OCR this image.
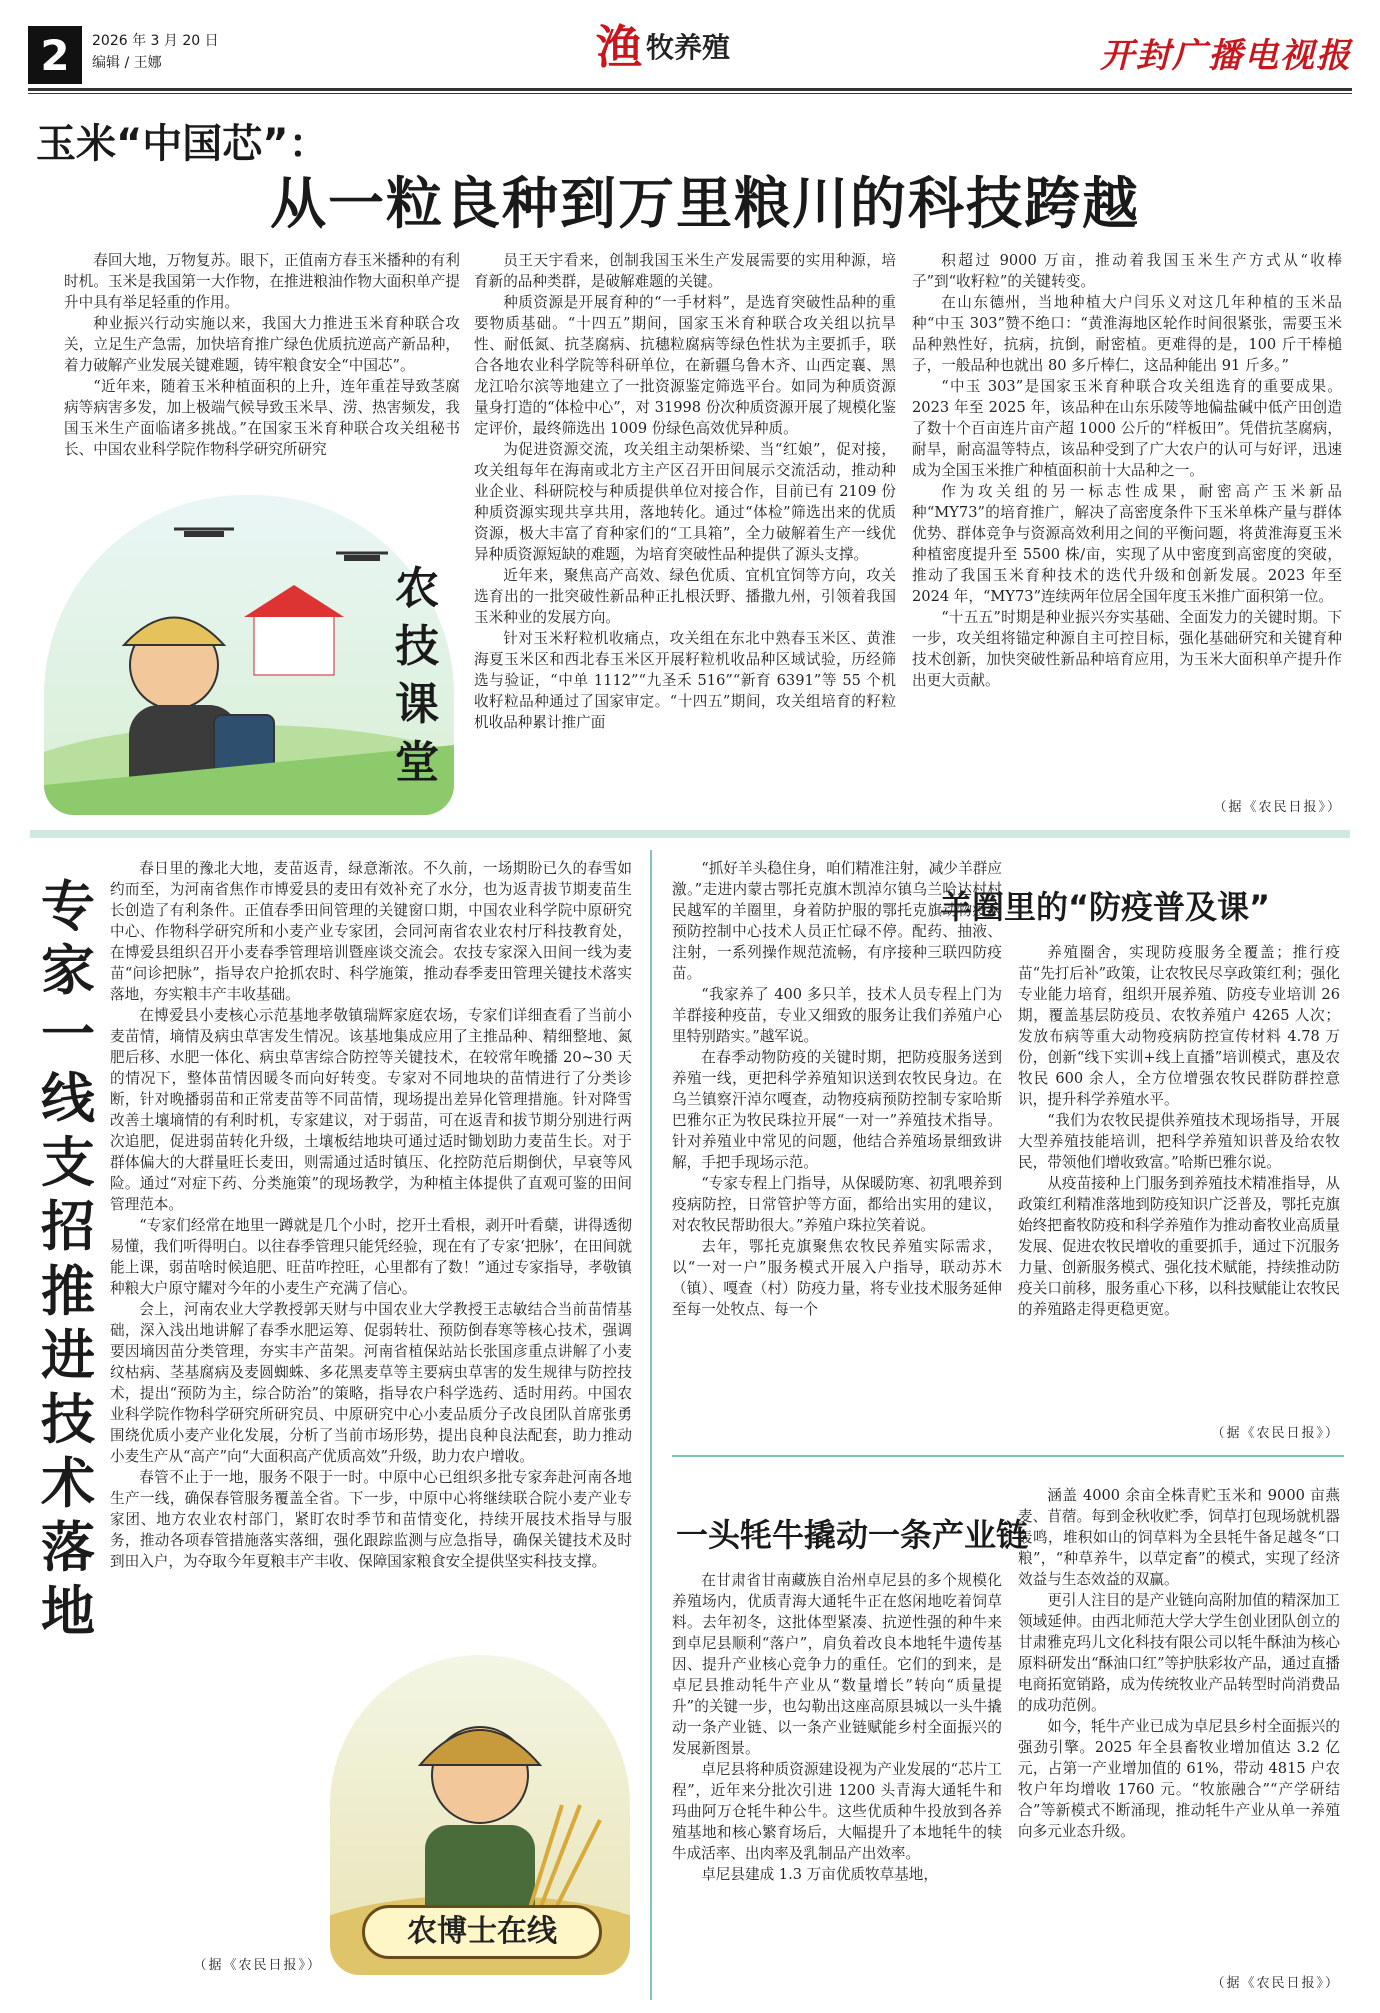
2	2026 年 3 月 20 日
编辑 / 王娜	渔 牧养殖	开封广播电视报
玉米“中国芯”：
从一粒良种到万里粮川的科技跨越

春回大地，万物复苏。眼下，正值南方春玉米播种的有利时机。玉米是我国第一大作物，在推进粮油作物大面积单产提升中具有举足轻重的作用。

种业振兴行动实施以来，我国大力推进玉米育种联合攻关，立足生产急需，加快培育推广绿色优质抗逆高产新品种，着力破解产业发展关键难题，铸牢粮食安全“中国芯”。

“近年来，随着玉米种植面积的上升，连年重茬导致茎腐病等病害多发，加上极端气候导致玉米旱、涝、热害频发，我国玉米生产面临诸多挑战。”在国家玉米育种联合攻关组秘书长、中国农业科学院作物科学研究所研究

员王天宇看来，创制我国玉米生产发展需要的实用种源，培育新的品种类群，是破解难题的关键。

种质资源是开展育种的“一手材料”，是选育突破性品种的重要物质基础。“十四五”期间，国家玉米育种联合攻关组以抗旱性、耐低氮、抗茎腐病、抗穗粒腐病等绿色性状为主要抓手，联合各地农业科学院等科研单位，在新疆乌鲁木齐、山西定襄、黑龙江哈尔滨等地建立了一批资源鉴定筛选平台。如同为种质资源量身打造的“体检中心”，对 31998 份次种质资源开展了规模化鉴定评价，最终筛选出 1009 份绿色高效优异种质。

为促进资源交流，攻关组主动架桥梁、当“红娘”，促对接，攻关组每年在海南或北方主产区召开田间展示交流活动，推动种业企业、科研院校与种质提供单位对接合作，目前已有 2109 份种质资源实现共享共用，落地转化。通过“体检”筛选出来的优质资源，极大丰富了育种家们的“工具箱”，全力破解着生产一线优异种质资源短缺的难题，为培育突破性品种提供了源头支撑。

近年来，聚焦高产高效、绿色优质、宜机宜饲等方向，攻关选育出的一批突破性新品种正扎根沃野、播撒九州，引领着我国玉米种业的发展方向。

针对玉米籽粒机收痛点，攻关组在东北中熟春玉米区、黄淮海夏玉米区和西北春玉米区开展籽粒机收品种区域试验，历经筛选与验证，“中单 1112”“九圣禾 516”“新育 6391”等 55 个机收籽粒品种通过了国家审定。“十四五”期间，攻关组培育的籽粒机收品种累计推广面

积超过 9000 万亩，推动着我国玉米生产方式从“收棒子”到“收籽粒”的关键转变。

在山东德州，当地种植大户闫乐义对这几年种植的玉米品种“中玉 303”赞不绝口：“黄淮海地区轮作时间很紧张，需要玉米品种熟性好，抗病，抗倒，耐密植。更难得的是，100 斤干棒槌子，一般品种也就出 80 多斤棒仁，这品种能出 91 斤多。”

“中玉 303”是国家玉米育种联合攻关组选育的重要成果。2023 年至 2025 年，该品种在山东乐陵等地偏盐碱中低产田创造了数十个百亩连片亩产超 1000 公斤的“样板田”。凭借抗茎腐病，耐旱，耐高温等特点，该品种受到了广大农户的认可与好评，迅速成为全国玉米推广种植面积前十大品种之一。

作为攻关组的另一标志性成果，耐密高产玉米新品种“MY73”的培育推广，解决了高密度条件下玉米单株产量与群体优势、群体竞争与资源高效利用之间的平衡问题，将黄淮海夏玉米种植密度提升至 5500 株/亩，实现了从中密度到高密度的突破，推动了我国玉米育种技术的迭代升级和创新发展。2023 年至 2024 年，“MY73”连续两年位居全国年度玉米推广面积第一位。

“十五五”时期是种业振兴夯实基础、全面发力的关键时期。下一步，攻关组将锚定种源自主可控目标，强化基础研究和关键育种技术创新，加快突破性新品种培育应用，为玉米大面积单产提升作出更大贡献。

（据《农民日报》）
农
技
课
堂
专
家
一
线
支
招
推
进
技
术
落
地

春日里的豫北大地，麦苗返青，绿意渐浓。不久前，一场期盼已久的春雪如约而至，为河南省焦作市博爱县的麦田有效补充了水分，也为返青拔节期麦苗生长创造了有利条件。正值春季田间管理的关键窗口期，中国农业科学院中原研究中心、作物科学研究所和小麦产业专家团，会同河南省农业农村厅科技教育处，在博爱县组织召开小麦春季管理培训暨座谈交流会。农技专家深入田间一线为麦苗“问诊把脉”，指导农户抢抓农时、科学施策，推动春季麦田管理关键技术落实落地，夯实粮丰产丰收基础。

在博爱县小麦核心示范基地孝敬镇瑞辉家庭农场，专家们详细查看了当前小麦苗情，墒情及病虫草害发生情况。该基地集成应用了主推品种、精细整地、氮肥后移、水肥一体化、病虫草害综合防控等关键技术，在较常年晚播 20~30 天的情况下，整体苗情因暖冬而向好转变。专家对不同地块的苗情进行了分类诊断，针对晚播弱苗和正常麦苗等不同苗情，现场提出差异化管理措施。针对降雪改善土壤墒情的有利时机，专家建议，对于弱苗，可在返青和拔节期分别进行两次追肥，促进弱苗转化升级，土壤板结地块可通过适时锄划助力麦苗生长。对于群体偏大的大群量旺长麦田，则需通过适时镇压、化控防范后期倒伏，早衰等风险。通过“对症下药、分类施策”的现场教学，为种植主体提供了直观可鉴的田间管理范本。

“专家们经常在地里一蹲就是几个小时，挖开土看根，剥开叶看蘖，讲得透彻易懂，我们听得明白。以往春季管理只能凭经验，现在有了专家‘把脉’，在田间就能上课，弱苗啥时候追肥、旺苗咋控旺，心里都有了数！”通过专家指导，孝敬镇种粮大户原守耀对今年的小麦生产充满了信心。

会上，河南农业大学教授郭天财与中国农业大学教授王志敏结合当前苗情基础，深入浅出地讲解了春季水肥运筹、促弱转壮、预防倒春寒等核心技术，强调要因墒因苗分类管理，夯实丰产苗架。河南省植保站站长张国彦重点讲解了小麦纹枯病、茎基腐病及麦圆蜘蛛、多花黑麦草等主要病虫草害的发生规律与防控技术，提出“预防为主，综合防治”的策略，指导农户科学选药、适时用药。中国农业科学院作物科学研究所研究员、中原研究中心小麦品质分子改良团队首席张勇围绕优质小麦产业化发展，分析了当前市场形势，提出良种良法配套，助力推动小麦生产从“高产”向“大面积高产优质高效”升级，助力农户增收。

春管不止于一地，服务不限于一时。中原中心已组织多批专家奔赴河南各地生产一线，确保春管服务覆盖全省。下一步，中原中心将继续联合院小麦产业专家团、地方农业农村部门，紧盯农时季节和苗情变化，持续开展技术指导与服务，推动各项春管措施落实落细，强化跟踪监测与应急指导，确保关键技术及时到田入户，为夺取今年夏粮丰产丰收、保障国家粮食安全提供坚实科技支撑。

农博士在线
（据《农民日报》）
羊圈里的“防疫普及课”

“抓好羊头稳住身，咱们精准注射，减少羊群应激。”走进内蒙古鄂托克旗木凯淖尔镇乌兰哈达村村民越军的羊圈里，身着防护服的鄂托克旗动物疫病预防控制中心技术人员正忙碌不停。配药、抽液、注射，一系列操作规范流畅，有序接种三联四防疫苗。

“我家养了 400 多只羊，技术人员专程上门为羊群接种疫苗，专业又细致的服务让我们养殖户心里特别踏实。”越军说。

在春季动物防疫的关键时期，把防疫服务送到养殖一线，更把科学养殖知识送到农牧民身边。在乌兰镇察汗淖尔嘎查，动物疫病预防控制专家哈斯巴雅尔正为牧民珠拉开展“一对一”养殖技术指导。针对养殖业中常见的问题，他结合养殖场景细致讲解，手把手现场示范。

“专家专程上门指导，从保暖防寒、初乳喂养到疫病防控，日常管护等方面，都给出实用的建议，对农牧民帮助很大。”养殖户珠拉笑着说。

去年，鄂托克旗聚焦农牧民养殖实际需求，以“一对一户”服务模式开展入户指导，联动苏木（镇）、嘎查（村）防疫力量，将专业技术服务延伸至每一处牧点、每一个

养殖圈舍，实现防疫服务全覆盖；推行疫苗“先打后补”政策，让农牧民尽享政策红利；强化专业能力培育，组织开展养殖、防疫专业培训 26 期，覆盖基层防疫员、农牧养殖户 4265 人次；发放布病等重大动物疫病防控宣传材料 4.78 万份，创新“线下实训+线上直播”培训模式，惠及农牧民 600 余人，全方位增强农牧民群防群控意识，提升科学养殖水平。

“我们为农牧民提供养殖技术现场指导，开展大型养殖技能培训，把科学养殖知识普及给农牧民，带领他们增收致富。”哈斯巴雅尔说。

从疫苗接种上门服务到养殖技术精准指导，从政策红利精准落地到防疫知识广泛普及，鄂托克旗始终把畜牧防疫和科学养殖作为推动畜牧业高质量发展、促进农牧民增收的重要抓手，通过下沉服务力量、创新服务模式、强化技术赋能，持续推动防疫关口前移，服务重心下移，以科技赋能让农牧民的养殖路走得更稳更宽。

（据《农民日报》）
一头牦牛撬动一条产业链

在甘肃省甘南藏族自治州卓尼县的多个规模化养殖场内，优质青海大通牦牛正在悠闲地吃着饲草料。去年初冬，这批体型紧凑、抗逆性强的种牛来到卓尼县顺利“落户”，肩负着改良本地牦牛遗传基因、提升产业核心竞争力的重任。它们的到来，是卓尼县推动牦牛产业从“数量增长”转向“质量提升”的关键一步，也勾勒出这座高原县城以一头牛撬动一条产业链、以一条产业链赋能乡村全面振兴的发展新图景。

卓尼县将种质资源建设视为产业发展的“芯片工程”，近年来分批次引进 1200 头青海大通牦牛和玛曲阿万仓牦牛种公牛。这些优质种牛投放到各养殖基地和核心繁育场后，大幅提升了本地牦牛的犊牛成活率、出肉率及乳制品产出效率。

卓尼县建成 1.3 万亩优质牧草基地，

涵盖 4000 余亩全株青贮玉米和 9000 亩燕麦、苜蓿。每到金秋收贮季，饲草打包现场就机器轰鸣，堆积如山的饲草料为全县牦牛备足越冬“口粮”，“种草养牛，以草定畜”的模式，实现了经济效益与生态效益的双赢。

更引人注目的是产业链向高附加值的精深加工领域延伸。由西北师范大学大学生创业团队创立的甘肃雅克玛儿文化科技有限公司以牦牛酥油为核心原料研发出“酥油口红”等护肤彩妆产品，通过直播电商拓宽销路，成为传统牧业产品转型时尚消费品的成功范例。

如今，牦牛产业已成为卓尼县乡村全面振兴的强劲引擎。2025 年全县畜牧业增加值达 3.2 亿元，占第一产业增加值的 61%，带动 4815 户农牧户年均增收 1760 元。“牧旅融合”“产学研结合”等新模式不断涌现，推动牦牛产业从单一养殖向多元业态升级。

（据《农民日报》）
